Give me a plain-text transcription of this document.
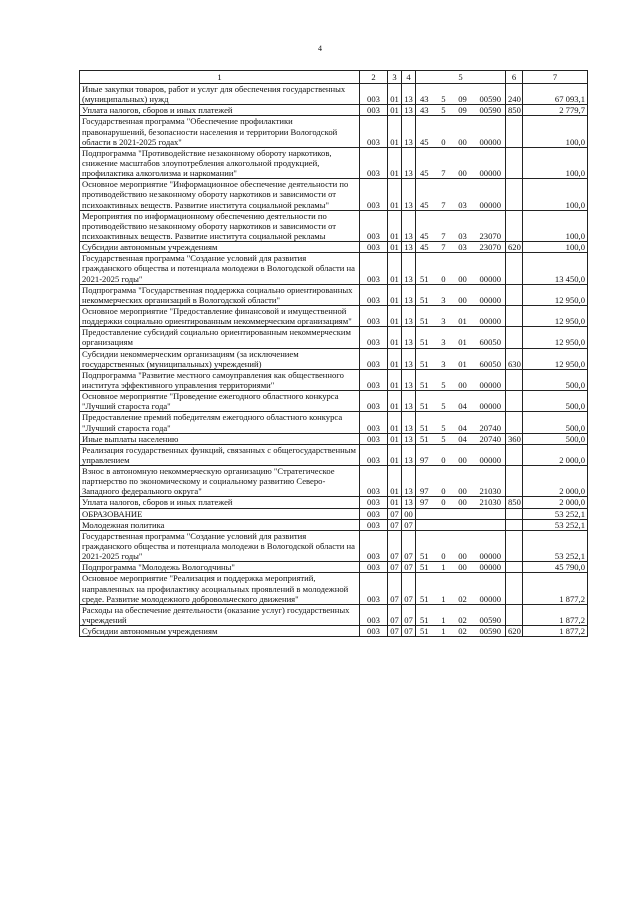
4
1	2	3	4	5	6	7
Иные закупки товаров, работ и услуг для обеспечения государственных (муниципальных) нужд	003	01	13	43 5 09 00590	240	67 093,1
Уплата налогов, сборов и иных платежей	003	01	13	43 5 09 00590	850	2 779,7
Государственная программа "Обеспечение профилактики правонарушений, безопасности населения и территории Вологодской области в 2021-2025 годах"	003	01	13	45 0 00 00000		100,0
Подпрограмма "Противодействие незаконному обороту наркотиков, снижение масштабов злоупотребления алкогольной продукцией, профилактика алкоголизма и наркомании"	003	01	13	45 7 00 00000		100,0
Основное мероприятие "Информационное обеспечение деятельности по противодействию незаконному обороту наркотиков и зависимости от психоактивных веществ. Развитие института социальной рекламы"	003	01	13	45 7 03 00000		100,0
Мероприятия по информационному обеспечению деятельности по противодействию незаконному обороту наркотиков и зависимости от психоактивных веществ. Развитие института социальной рекламы	003	01	13	45 7 03 23070		100,0
Субсидии автономным учреждениям	003	01	13	45 7 03 23070	620	100,0
Государственная программа "Создание условий для развития гражданского общества и потенциала молодежи в Вологодской области на 2021-2025 годы"	003	01	13	51 0 00 00000		13 450,0
Подпрограмма "Государственная поддержка социально ориентированных некоммерческих организаций в Вологодской области"	003	01	13	51 3 00 00000		12 950,0
Основное мероприятие "Предоставление финансовой и имущественной поддержки социально ориентированным некоммерческим организациям"	003	01	13	51 3 01 00000		12 950,0
Предоставление субсидий социально ориентированным некоммерческим организациям	003	01	13	51 3 01 60050		12 950,0
Субсидии некоммерческим организациям (за исключением государственных (муниципальных) учреждений)	003	01	13	51 3 01 60050	630	12 950,0
Подпрограмма "Развитие местного самоуправления как общественного института эффективного управления территориями"	003	01	13	51 5 00 00000		500,0
Основное мероприятие "Проведение ежегодного областного конкурса "Лучший староста года"	003	01	13	51 5 04 00000		500,0
Предоставление премий победителям ежегодного областного конкурса "Лучший староста года"	003	01	13	51 5 04 20740		500,0
Иные выплаты населению	003	01	13	51 5 04 20740	360	500,0
Реализация государственных функций, связанных с общегосударственным управлением	003	01	13	97 0 00 00000		2 000,0
Взнос в автономную некоммерческую организацию "Стратегическое партнерство по экономическому и социальному развитию Северо-Западного федерального округа"	003	01	13	97 0 00 21030		2 000,0
Уплата налогов, сборов и иных платежей	003	01	13	97 0 00 21030	850	2 000,0
ОБРАЗОВАНИЕ	003	07	00			53 252,1
Молодежная политика	003	07	07			53 252,1
Государственная программа "Создание условий для развития гражданского общества и потенциала молодежи в Вологодской области на 2021-2025 годы"	003	07	07	51 0 00 00000		53 252,1
Подпрограмма "Молодежь Вологодчины"	003	07	07	51 1 00 00000		45 790,0
Основное мероприятие "Реализация и поддержка мероприятий, направленных на профилактику асоциальных проявлений в молодежной среде. Развитие молодежного добровольческого движения"	003	07	07	51 1 02 00000		1 877,2
Расходы на обеспечение деятельности (оказание услуг) государственных учреждений	003	07	07	51 1 02 00590		1 877,2
Субсидии автономным учреждениям	003	07	07	51 1 02 00590	620	1 877,2
